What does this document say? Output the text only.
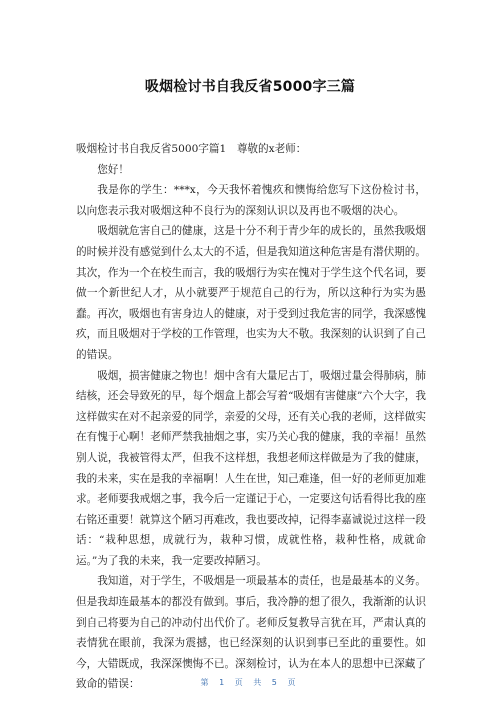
吸烟检讨书自我反省5000字三篇

吸烟检讨书自我反省5000字篇1　尊敬的x老师：

您好！

我是你的学生：***x，今天我怀着愧疚和懊悔给您写下这份检讨书，以向您表示我对吸烟这种不良行为的深刻认识以及再也不吸烟的决心。

吸烟就危害自己的健康，这是十分不利于青少年的成长的，虽然我吸烟的时候并没有感觉到什么太大的不适，但是我知道这种危害是有潜伏期的。其次，作为一个在校生而言，我的吸烟行为实在愧对于学生这个代名词，要做一个新世纪人才，从小就要严于规范自己的行为，所以这种行为实为愚蠢。再次，吸烟也有害身边人的健康，对于受到过我危害的同学，我深感愧疚，而且吸烟对于学校的工作管理，也实为大不敬。我深刻的认识到了自己的错误。

吸烟，损害健康之物也！烟中含有大量尼古丁，吸烟过量会得肺病，肺结核，还会导致死的早，每个烟盒上都会写着“吸烟有害健康”六个大字，我这样做实在对不起亲爱的同学，亲爱的父母，还有关心我的老师，这样做实在有愧于心啊！老师严禁我抽烟之事，实乃关心我的健康，我的幸福！虽然别人说，我被管得太严，但我不这样想，我想老师这样做是为了我的健康，我的未来，实在是我的幸福啊！人生在世，知己难逢，但一好的老师更加难求。老师要我戒烟之事，我今后一定谨记于心，一定要这句话看得比我的座右铭还重要！就算这个陋习再难改，我也要改掉，记得李嘉诚说过这样一段话：“栽种思想，成就行为，栽种习惯，成就性格，栽种性格，成就命运。”为了我的未来，我一定要改掉陋习。

我知道，对于学生，不吸烟是一项最基本的责任，也是最基本的义务。但是我却连最基本的都没有做到。事后，我冷静的想了很久，我渐渐的认识到自己将要为自己的冲动付出代价了。老师反复教导言犹在耳，严肃认真的表情犹在眼前，我深为震撼，也已经深刻的认识到事已至此的重要性。如今，大错既成，我深深懊悔不已。深刻检讨，认为在本人的思想中已深藏了致命的错误：	第 1 页 共 5 页
